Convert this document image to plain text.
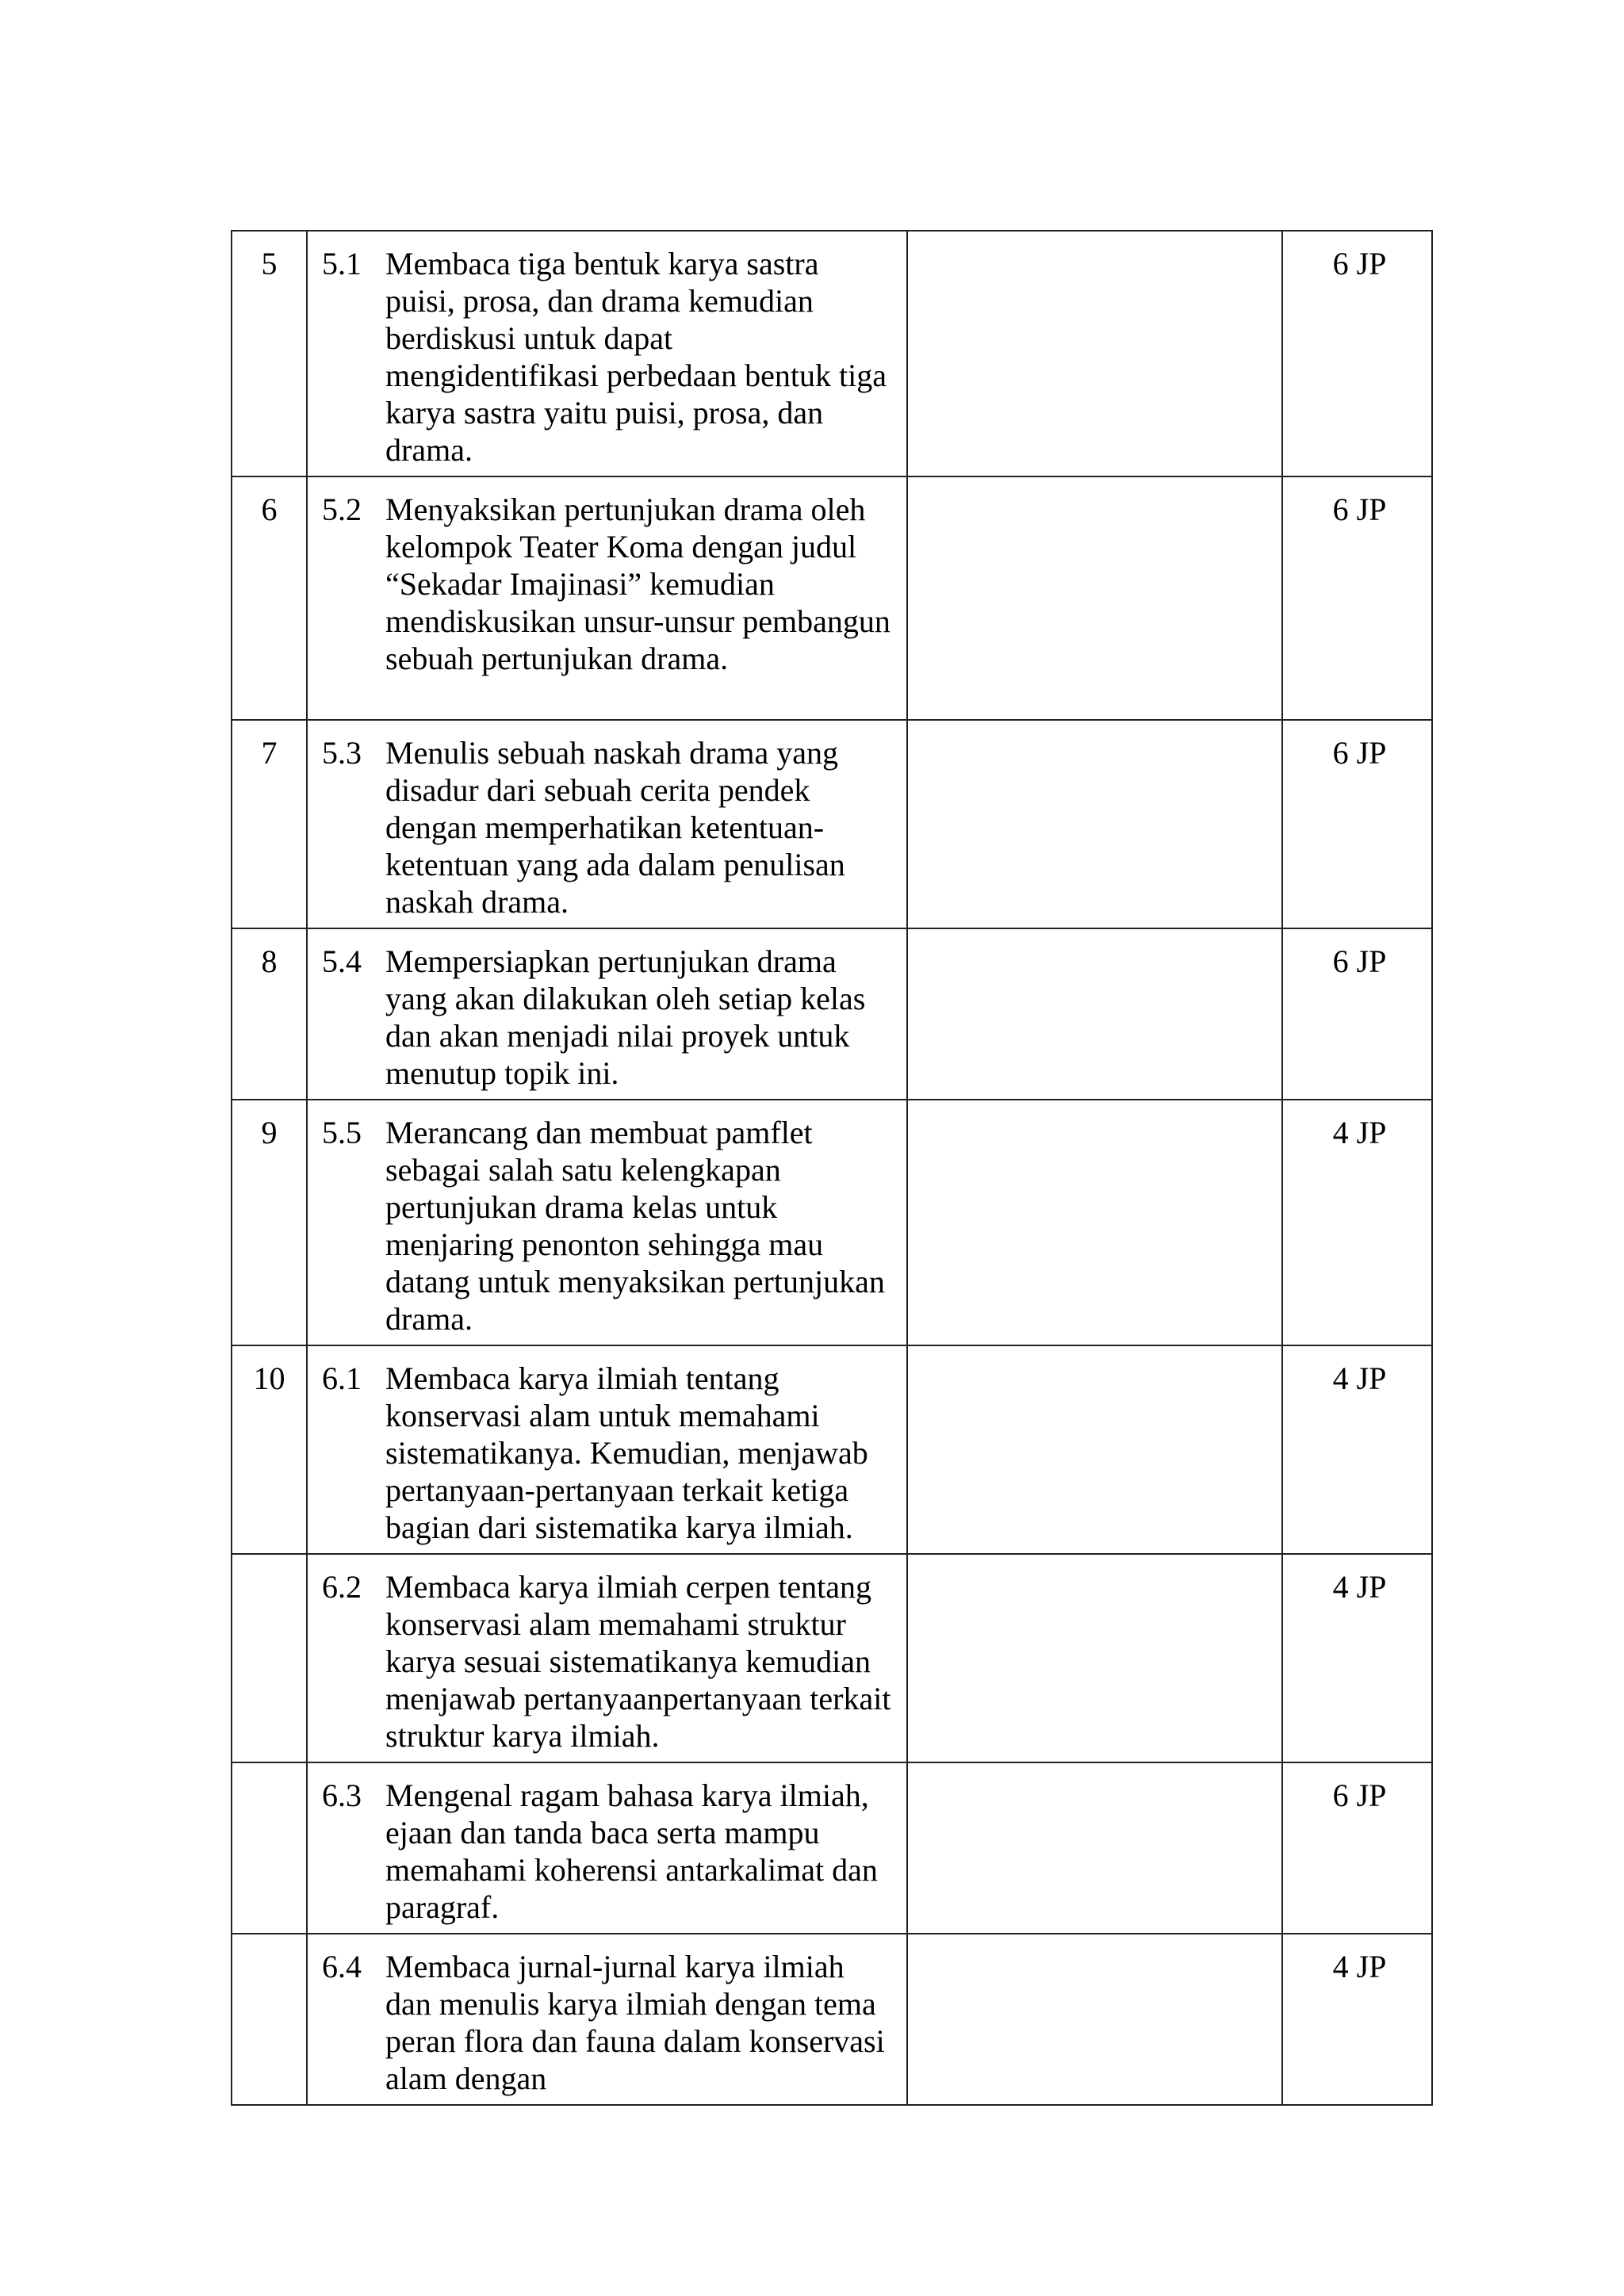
5	5.1 Membaca tiga bentuk karya sastra puisi, prosa, dan drama kemudian berdiskusi untuk dapat mengidentifikasi perbedaan bentuk tiga karya sastra yaitu puisi, prosa, dan drama.		6 JP
6	5.2 Menyaksikan pertunjukan drama oleh kelompok Teater Koma dengan judul “Sekadar Imajinasi” kemudian mendiskusikan unsur-unsur pembangun sebuah pertunjukan drama.		6 JP
7	5.3 Menulis sebuah naskah drama yang disadur dari sebuah cerita pendek dengan memperhatikan ketentuan-ketentuan yang ada dalam penulisan naskah drama.		6 JP
8	5.4 Mempersiapkan pertunjukan drama yang akan dilakukan oleh setiap kelas dan akan menjadi nilai proyek untuk menutup topik ini.		6 JP
9	5.5 Merancang dan membuat pamflet sebagai salah satu kelengkapan pertunjukan drama kelas untuk menjaring penonton sehingga mau datang untuk menyaksikan pertunjukan drama.		4 JP
10	6.1 Membaca karya ilmiah tentang konservasi alam untuk memahami sistematikanya. Kemudian, menjawab pertanyaan-pertanyaan terkait ketiga bagian dari sistematika karya ilmiah.		4 JP

	6.2 Membaca karya ilmiah cerpen tentang konservasi alam memahami struktur karya sesuai sistematikanya kemudian menjawab pertanyaanpertanyaan terkait struktur karya ilmiah.		4 JP

	6.3 Mengenal ragam bahasa karya ilmiah, ejaan dan tanda baca serta mampu memahami koherensi antarkalimat dan paragraf.		6 JP

	6.4 Membaca jurnal-jurnal karya ilmiah dan menulis karya ilmiah dengan tema peran flora dan fauna dalam konservasi alam dengan		4 JP
